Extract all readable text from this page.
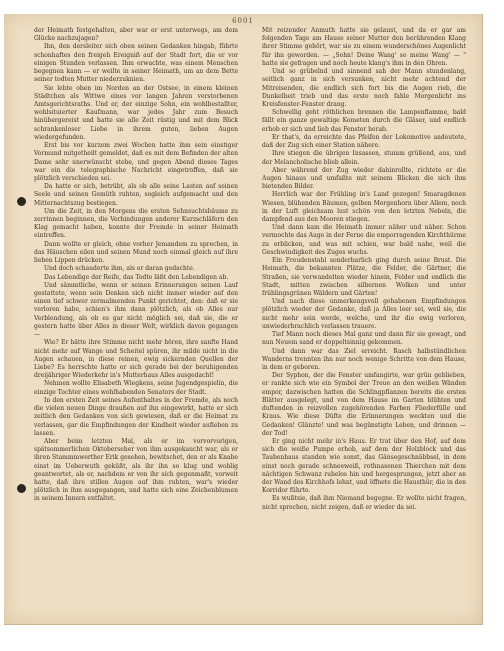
6001

der Heimath festgehalten, aber war er erst unterwegs, am dem Glücke nachzujagen?

Ihn, den dersleiter sich oben seinen Gedanken hingab, führte schonhaftes den freigeh Ereigniß auf der Stadt fort, die er vor einigen Stunden verlassen. Ihm erwachte, was einem Menschen begegnen kann — er weilte in seiner Heimath, um an dem Bette seiner todten Mutter niederzuknien.

Sie lebte oben im Norden an der Ostsee, in einem kleinen Städtchen als Wittwe eines vor langen Jahren verstorbenen Amtsgerichtsraths. Und er, der einzige Sohn, ein wohlbestallter, wohlsituierter Kaufmann, war jedes Jahr zum Besuch hinübergereist und hatte sie alle Zeit rüstig und mit dem Blick schrankenloser Liebe in ihrem guten, lieben Augen wiedergefunden.

Erst bis vor kurzem zwei Wochen hatte ihm sein einstiger Vormund mitgetheilt gemeldet, daß es mit dem Befinden der alten Dame sehr unerwünscht stehe, und gegen Abend dieses Tages war ein die telegraphische Nachricht eingetroffen, daß sie plötzlich verschieden sei.

Da hatte er sich, betrübt, als ob alle seine Lasten auf seinen Seele und seinen Gemüth ruhten, sogleich aufgemacht und den Mitternachtszug bestiegen.

Um die Zeit, in den Morgens die ersten Sehnsuchtsbäume zu zerrinnen beginnen, die Verbindungen anderer Kurzschläfern den Klag gemacht haben, konnte der Fremde in seiner Heimath eintreffen.

Dann wollte er gleich, ohne vorher Jemandem zu sprechen, in das Häuschen eilen und seinen Mund noch einmal gleich auf ihre lieben Lippen drücken.

Und doch schauderte ihm, als er daran gedachte.

Das Lebendige der Reife, das Todte läßt den Lebendigen ab.

Und sämmtliche, wenn er seinen Erinnerungen seinen Lauf gestattete, wenn sein Denken sich nicht immer wieder auf den einen tief schwer zermalmenden Punkt gerichtet, den: daß er sie verloren habe, schien's ihm dann plötzlich, als ob Alles nur Verblendung, als ob es gar nicht möglich sei, daß sie, die er gestern hatte über Alles in dieser Welt, wirklich davon gegangen —

Wie? Er hätte ihre Stimme nicht mehr hören, ihre sanfte Hand nicht mehr auf Wange und Scheitel spüren, ihr milde nicht in die Augen schauen, in diese reinen, ewig sickernden Quellen der Liebe? Es herrschte hatte er sich gerade bei der beruhigenden dreijähriger Wiederkehr in's Mutterhaus Alles ausgedacht!

Nehmen wollte Elisabeth Wiegkens, seine Jugendgespielin, die einzige Tochter eines wohlhabenden Senators der Stadt.

In den ersten Zeit seines Aufenthaltes in der Fremde, als noch die vielen neuen Dinge draußen auf ihn eingewirkt, hatte er sich zeitlich den Gedanken von sich gewiesen, daß er die Heimat zu verlassen, gar die Empfindungen der Kindheit wieder aufleben zu lassen.

Aber beim letzten Mal, als er im vorvorvorigen, spätsommerlichen Oktoberseher von ihm ausgekaucht war, als er ihren Stammmwerther Erik gesehen, bewitschet, den er als Knabe einst im Ueberwuth geküßt, als ihr ihn so klug und wohlig geantwortet, als er, nachdem er von ihr sich gegenmaßt, vorweit hatte, daß ihre stillen Augen auf ihm ruhten, war's wieder plötzlich in ihm ausgegangen, und hatte sich eine Zeichenblumen in seinem Innern entfaltet.

Mit reizender Anmuth hatte sie gelaust, und da er gar am folgenden Tage am Hause seiner Mutter den berührenden Klang ihrer Stimme gehört, war sie zu einem wunderschönes Augenlicht für ihn geworden. — „Sohn! Deine Wang' so meine Wang' — " hatte sie gefragen und noch heute klang's ihm in den Ohren.

Und so grübelnd und sinnend sah der Mann stundenlang, seitlich ganz in sich versunken, nicht mehr achtend der Mitreisenden, die endlich sich fort bis die Augen rieb, die Dunkelheit trieb und das erste noch fahle Morgenlicht ins Kreisfenster-Fenster drang.

Schwellig geht röthlichen brennen die Lampenflamme, bald fällt ein ganze gewaltige Kometen durch die Gläser, und endlich erhob er sich und lieb das Fenster herab.

Er that's, da erreichte das Pfeifen der Lokomotive andeutete, daß der Zug sich einer Station nähere.

Ihre stiegen die übrigen Insassen, stumm grüßend, aus, und der Melancholische blieb allein.

Aber während der Zug wieder dahinrollte, richtete er die Augen hinaus und umfaßte mit seinem Blicken die sich ihm bietenden Bilder.

Herrlich war der Frühling in's Land gezogen! Smaragdenen Wiesen, blühenden Bäumen, gelben Morgenhorn über Allem, noch in der Luft gleichsam lust schön von den letzten Nebeln, die dampfend aus den Mooren stiegen.

Und dann kam die Heimath immer näher und näher. Schon vermochte das Auge in der Ferne die emporragenden Kirchthürme zu erblicken, und was mit schien, war bald nahe, weil die Geschwindigkeit des Zuges wuchs.

Ein Freudenstahl sonderbarlich ging durch seine Brust. Die Heimath, die bekannten Plätze, die Felder, die Gärtner, die Straßen, sie verwandelten wieder hinein, Felder und endlich die Stadt, mitten zwischen silbernen Wolken und unter frühlingsgrünen Wäldern und Gärten!

Und nach diese unmerkengsvoll gehabenen Empfindungen plötzlich wieder der Gedanke, daß ja Alles leer sei, weil sie, die nicht mehr sein werde, welche, und ihr die ewig verloren, unwiederbrachlich verlassen trauere.

Tief Mann noch dieses Mal ganz und dann für sie gewagt, und nun Neuem sand er doppeltsinnig gekommen.

Und dann war das Ziel erreicht. Rasch halbstündlichen Wanderns trennten ihn nur noch wenige Schritte von dem Hause, in dem er geboren.

Der Syphon, der die Fenster umfangirte, war grün geblieben, er rankte sich wie ein Symbol der Treue an den weißen Wänden empor, dazwischen hatten die Schlingpflanzen bereits die ersten Blätter ausgelegt, und von dem Hause im Garten blühten und duftenden in reizvollen zugehörenden Farben Fliederfülle und Kraus. Wie diese Düfte die Erinnerungen weckten und die Gedanken! Glänzte! und was begünstigte Leben, und drinnen — der Tod!

Er ging nicht mehr in's Haus. Er trat über den Hof, auf dem sich die weiße Pumpe erhob, auf dem der Holzblock und das Taubenhaus standen wie sonst, das Gänsegeschnäbbsel, in dem einst noch gerade schneeweiß, rothnasenen Thierchen mit dem nächtigen Schwanz ruhelos hin und hergesprungen, jetzt aber an der Wand des Kirchhofs lehnt, und öffnete die Hausthür, die in den Korridor führte.

Es wußtsie, daß ihm Niemand begegne. Er wollte nicht fragen, nicht sprechen, nicht zeigen, daß er wieder da sei.
